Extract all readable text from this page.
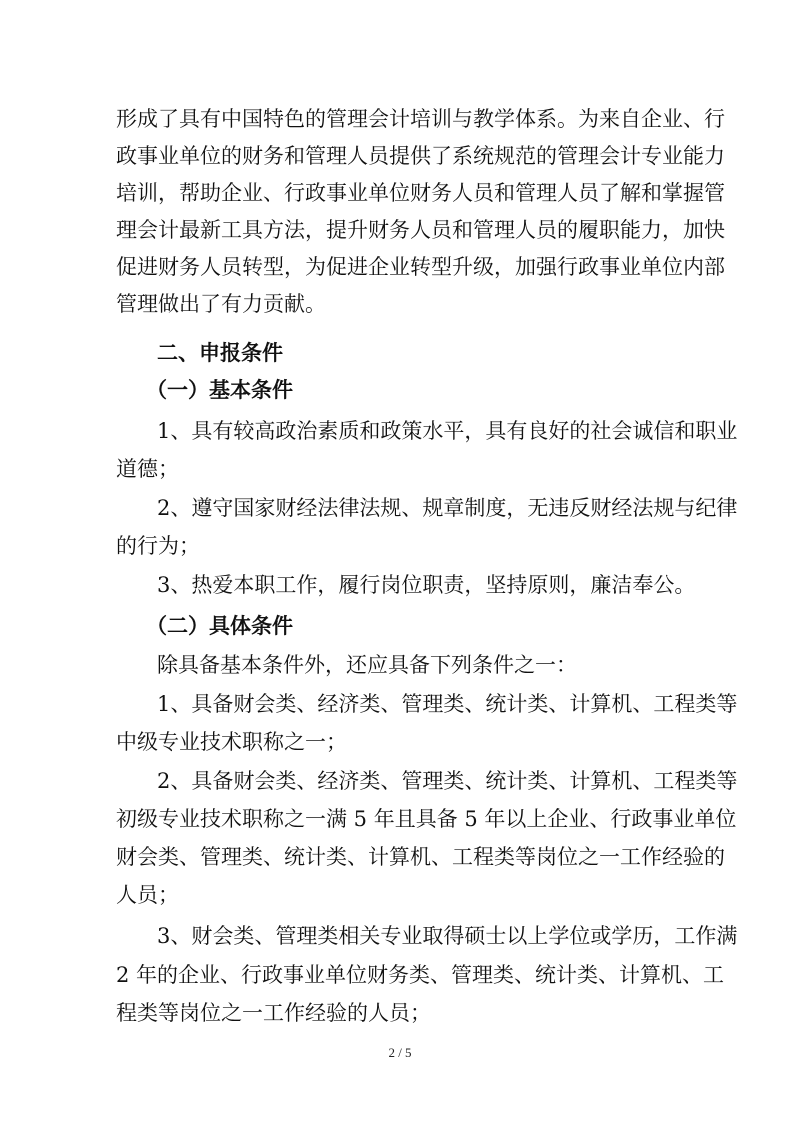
形成了具有中国特色的管理会计培训与教学体系。为来自企业、行
政事业单位的财务和管理人员提供了系统规范的管理会计专业能力
培训，帮助企业、行政事业单位财务人员和管理人员了解和掌握管
理会计最新工具方法，提升财务人员和管理人员的履职能力，加快
促进财务人员转型，为促进企业转型升级，加强行政事业单位内部
管理做出了有力贡献。
二、申报条件
（一）基本条件
1、具有较高政治素质和政策水平，具有良好的社会诚信和职业
道德；
2、遵守国家财经法律法规、规章制度，无违反财经法规与纪律
的行为；
3、热爱本职工作，履行岗位职责，坚持原则，廉洁奉公。
（二）具体条件
除具备基本条件外，还应具备下列条件之一：
1、具备财会类、经济类、管理类、统计类、计算机、工程类等
中级专业技术职称之一；
2、具备财会类、经济类、管理类、统计类、计算机、工程类等
初级专业技术职称之一满 5 年且具备 5 年以上企业、行政事业单位
财会类、管理类、统计类、计算机、工程类等岗位之一工作经验的
人员；
3、财会类、管理类相关专业取得硕士以上学位或学历，工作满
2 年的企业、行政事业单位财务类、管理类、统计类、计算机、工
程类等岗位之一工作经验的人员；
2 / 5
